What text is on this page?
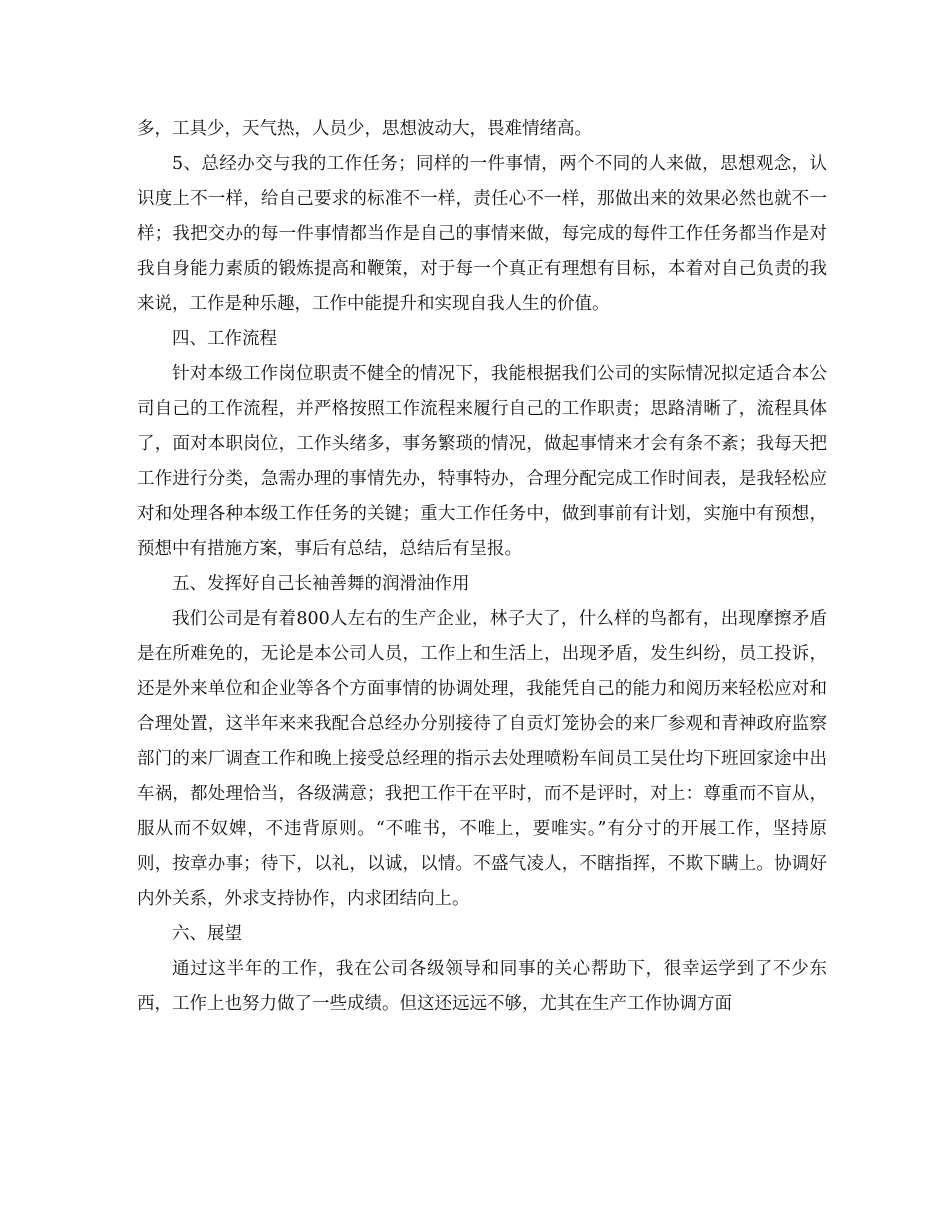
多，工具少，天气热，人员少，思想波动大，畏难情绪高。

5、总经办交与我的工作任务；同样的一件事情，两个不同的人来做，思想观念，认识度上不一样，给自己要求的标准不一样，责任心不一样，那做出来的效果必然也就不一样；我把交办的每一件事情都当作是自己的事情来做，每完成的每件工作任务都当作是对我自身能力素质的锻炼提高和鞭策，对于每一个真正有理想有目标，本着对自己负责的我来说，工作是种乐趣，工作中能提升和实现自我人生的价值。

四、工作流程

针对本级工作岗位职责不健全的情况下，我能根据我们公司的实际情况拟定适合本公司自己的工作流程，并严格按照工作流程来履行自己的工作职责；思路清晰了，流程具体了，面对本职岗位，工作头绪多，事务繁琐的情况，做起事情来才会有条不紊；我每天把工作进行分类，急需办理的事情先办，特事特办，合理分配完成工作时间表，是我轻松应对和处理各种本级工作任务的关键；重大工作任务中，做到事前有计划，实施中有预想，预想中有措施方案，事后有总结，总结后有呈报。

五、发挥好自己长袖善舞的润滑油作用

我们公司是有着800人左右的生产企业，林子大了，什么样的鸟都有，出现摩擦矛盾是在所难免的，无论是本公司人员，工作上和生活上，出现矛盾，发生纠纷，员工投诉，还是外来单位和企业等各个方面事情的协调处理，我能凭自己的能力和阅历来轻松应对和合理处置，这半年来来我配合总经办分别接待了自贡灯笼协会的来厂参观和青神政府监察部门的来厂调查工作和晚上接受总经理的指示去处理喷粉车间员工吴仕均下班回家途中出车祸，都处理恰当，各级满意；我把工作干在平时，而不是评时，对上：尊重而不盲从，服从而不奴婢，不违背原则。“不唯书，不唯上，要唯实。”有分寸的开展工作，坚持原则，按章办事；待下，以礼，以诚，以情。不盛气凌人，不瞎指挥，不欺下瞒上。协调好内外关系，外求支持协作，内求团结向上。

六、展望

通过这半年的工作，我在公司各级领导和同事的关心帮助下，很幸运学到了不少东西，工作上也努力做了一些成绩。但这还远远不够，尤其在生产工作协调方面
